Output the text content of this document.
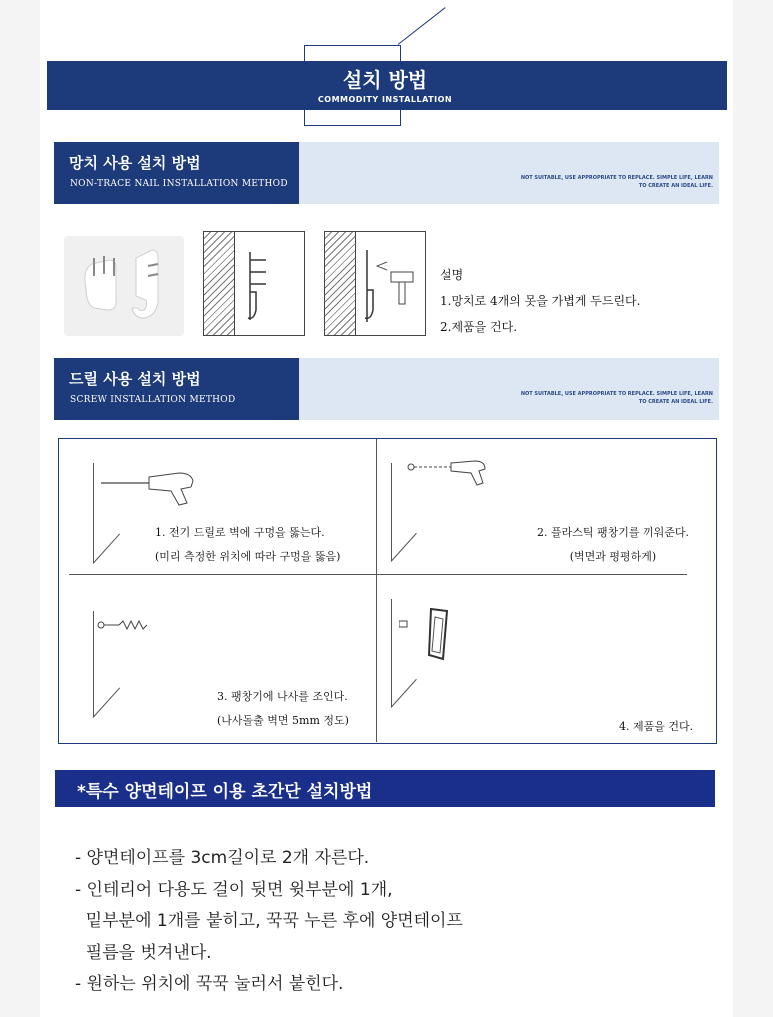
설치 방법
COMMODITY INSTALLATION
망치 사용 설치 방법
NON-TRACE NAIL INSTALLATION METHOD
NOT SUITABLE, USE APPROPRIATE TO REPLACE. SIMPLE LIFE, LEARN
TO CREATE AN IDEAL LIFE.
설명
1.망치로 4개의 못을 가볍게 두드린다.
2.제품을 건다.
드릴 사용 설치 방법
SCREW INSTALLATION METHOD
NOT SUITABLE, USE APPROPRIATE TO REPLACE. SIMPLE LIFE, LEARN
TO CREATE AN IDEAL LIFE.
1. 전기 드릴로 벽에 구멍을 뚫는다.
(미리 측정한 위치에 따라 구멍을 뚫음)
2. 플라스틱 팽창기를 끼워준다.
(벽면과 평평하게)
3. 팽창기에 나사를 조인다.
(나사돌출 벽면 5mm 정도)	4. 제품을 건다.
*특수 양면테이프 이용 초간단 설치방법
- 양면테이프를 3cm길이로 2개 자른다.
- 인테리어 다용도 걸이 뒷면 윗부분에 1개,
밑부분에 1개를 붙히고, 꾹꾹 누른 후에 양면테이프
필름을 벗겨낸다.
- 원하는 위치에 꾹꾹 눌러서 붙힌다.
